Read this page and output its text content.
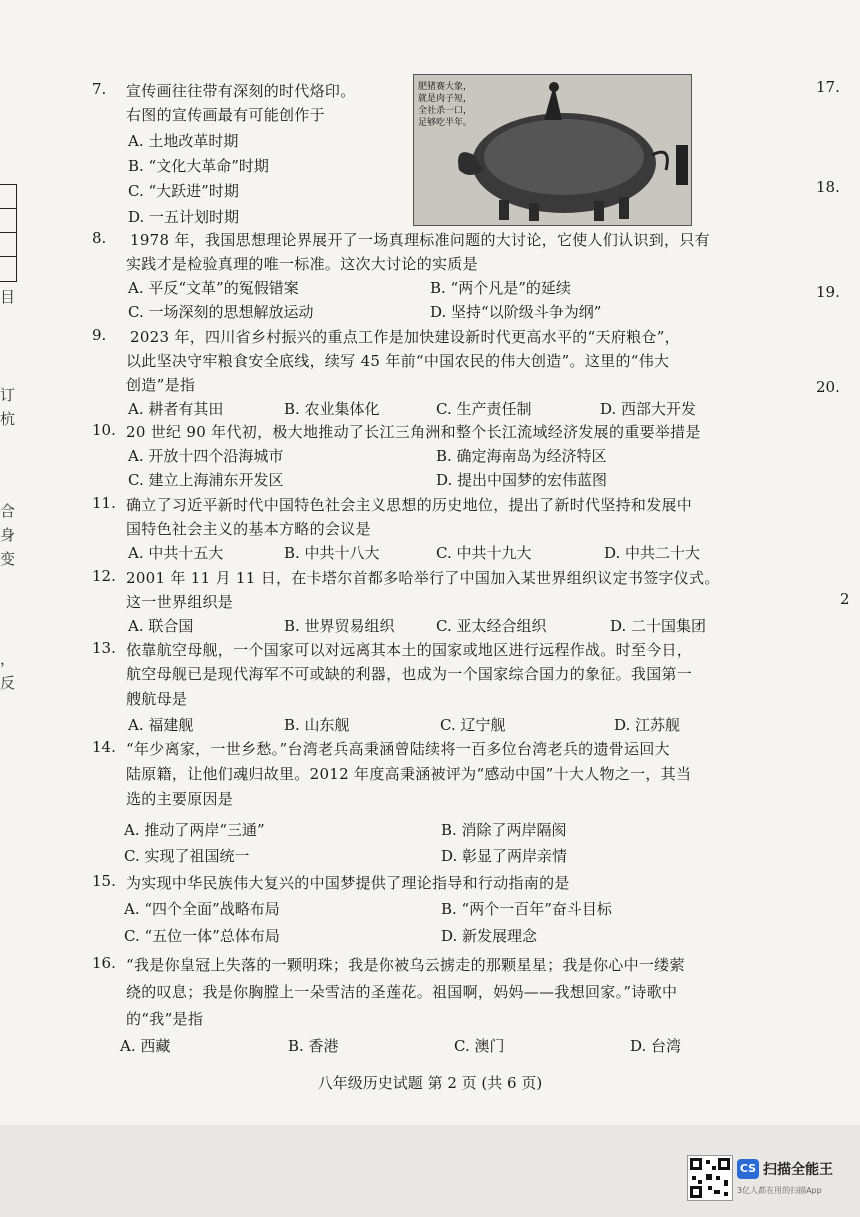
订
杭
合
身
变
，
反
目
17.
18.
19.
20.
2
肥猪赛大象，
就是肉子短，
全社杀一口，
足够吃半年。
7. 宣传画往往带有深刻的时代烙印。
右图的宣传画最有可能创作于
A. 土地改革时期
B. “文化大革命”时期
C. “大跃进”时期
D. 一五计划时期
8. 1978 年，我国思想理论界展开了一场真理标准问题的大讨论，它使人们认识到，只有
实践才是检验真理的唯一标准。这次大讨论的实质是
A. 平反“文革”的冤假错案	B. “两个凡是”的延续
C. 一场深刻的思想解放运动	D. 坚持“以阶级斗争为纲”
9. 2023 年，四川省乡村振兴的重点工作是加快建设新时代更高水平的“天府粮仓”，
以此坚决守牢粮食安全底线，续写 45 年前“中国农民的伟大创造”。这里的“伟大
创造”是指
A. 耕者有其田	B. 农业集体化	C. 生产责任制	D. 西部大开发
10. 20 世纪 90 年代初，极大地推动了长江三角洲和整个长江流域经济发展的重要举措是
A. 开放十四个沿海城市	B. 确定海南岛为经济特区
C. 建立上海浦东开发区	D. 提出中国梦的宏伟蓝图
11. 确立了习近平新时代中国特色社会主义思想的历史地位，提出了新时代坚持和发展中
国特色社会主义的基本方略的会议是
A. 中共十五大	B. 中共十八大	C. 中共十九大	D. 中共二十大
12. 2001 年 11 月 11 日，在卡塔尔首都多哈举行了中国加入某世界组织议定书签字仪式。
这一世界组织是
A. 联合国	B. 世界贸易组织	C. 亚太经合组织	D. 二十国集团
13. 依靠航空母舰，一个国家可以对远离其本土的国家或地区进行远程作战。时至今日，
航空母舰已是现代海军不可或缺的利器，也成为一个国家综合国力的象征。我国第一
艘航母是
A. 福建舰	B. 山东舰	C. 辽宁舰	D. 江苏舰
14. “年少离家，一世乡愁。”台湾老兵高秉涵曾陆续将一百多位台湾老兵的遗骨运回大
陆原籍，让他们魂归故里。2012 年度高秉涵被评为“感动中国”十大人物之一，其当
选的主要原因是
A. 推动了两岸“三通”	B. 消除了两岸隔阂
C. 实现了祖国统一	D. 彰显了两岸亲情
15. 为实现中华民族伟大复兴的中国梦提供了理论指导和行动指南的是
A. “四个全面”战略布局	B. “两个一百年”奋斗目标
C. “五位一体”总体布局	D. 新发展理念
16. “我是你皇冠上失落的一颗明珠；我是你被乌云掳走的那颗星星；我是你心中一缕萦
绕的叹息；我是你胸膛上一朵雪洁的圣莲花。祖国啊，妈妈——我想回家。”诗歌中
的“我”是指
A. 西藏	B. 香港	C. 澳门	D. 台湾
八年级历史试题 第 2 页 (共 6 页)
CS 扫描全能王
3亿人都在用的扫描App
